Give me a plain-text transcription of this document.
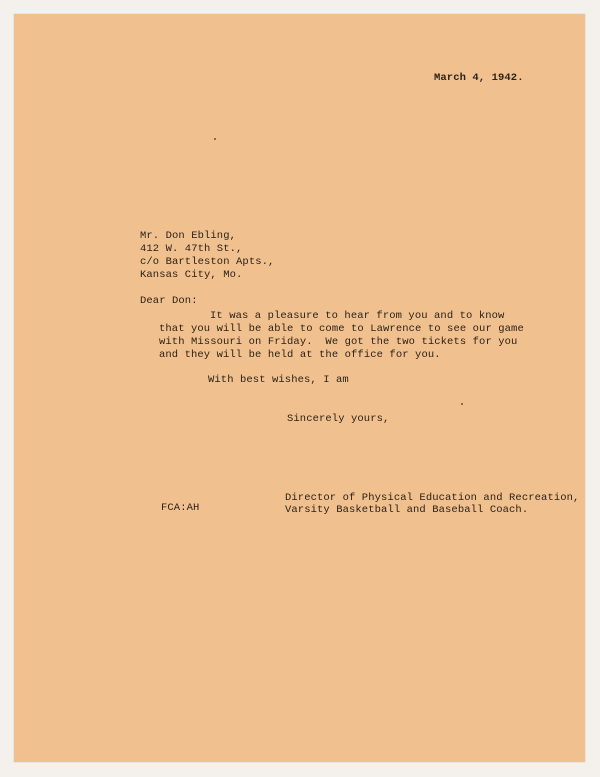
March 4, 1942.
Mr. Don Ebling,
412 W. 47th St.,
c/o Bartleston Apts.,
Kansas City, Mo.
Dear Don:
It was a pleasure to hear from you and to know
that you will be able to come to Lawrence to see our game
with Missouri on Friday.  We got the two tickets for you
and they will be held at the office for you.
With best wishes, I am
Sincerely yours,
FCA:AH
Director of Physical Education and Recreation,
Varsity Basketball and Baseball Coach.
